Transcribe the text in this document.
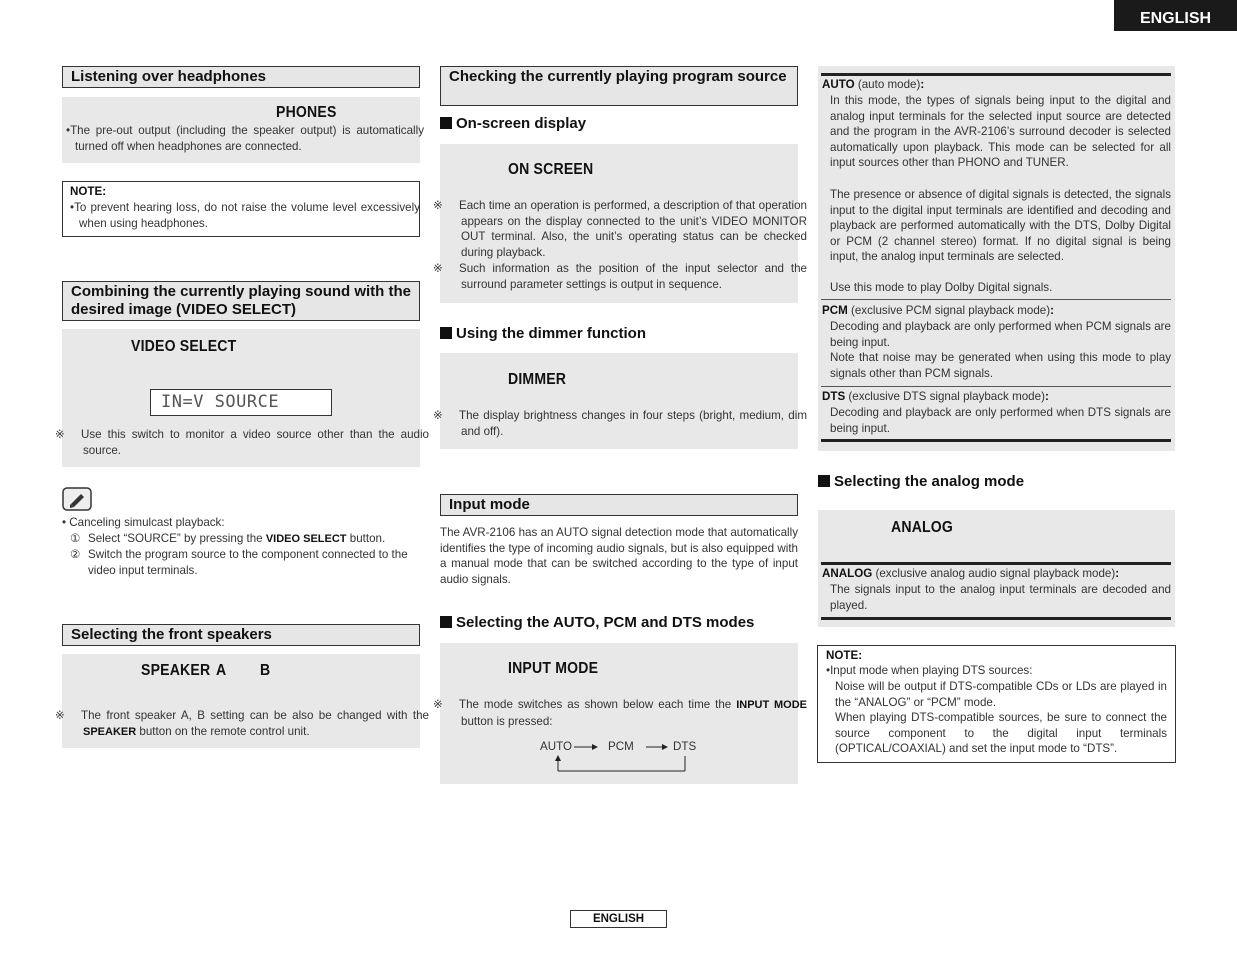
ENGLISH
Listening over headphones
PHONES
•The pre-out output (including the speaker output) is automatically turned off when headphones are connected.
NOTE:
•To prevent hearing loss, do not raise the volume level excessively when using headphones.
Combining the currently playing sound with the desired image (VIDEO SELECT)
VIDEO SELECT
IN=V SOURCE
※ Use this switch to monitor a video source other than the audio source.
• Canceling simulcast playback:
① Select “SOURCE” by pressing the VIDEO SELECT button.
② Switch the program source to the component connected to the video input terminals.
Selecting the front speakers
SPEAKER A B
※ The front speaker A, B setting can be also be changed with the SPEAKER button on the remote control unit.
Checking the currently playing program source
On-screen display
ON SCREEN
※ Each time an operation is performed, a description of that operation appears on the display connected to the unit’s VIDEO MONITOR OUT terminal. Also, the unit’s operating status can be checked during playback.
※ Such information as the position of the input selector and the surround parameter settings is output in sequence.
Using the dimmer function
DIMMER
※ The display brightness changes in four steps (bright, medium, dim and off).
Input mode
The AVR-2106 has an AUTO signal detection mode that automatically identifies the type of incoming audio signals, but is also equipped with a manual mode that can be switched according to the type of input audio signals.
Selecting the AUTO, PCM and DTS modes
INPUT MODE
※ The mode switches as shown below each time the INPUT MODE button is pressed:
AUTO	PCM	DTS
AUTO (auto mode):
In this mode, the types of signals being input to the digital and analog input terminals for the selected input source are detected and the program in the AVR-2106’s surround decoder is selected automatically upon playback. This mode can be selected for all input sources other than PHONO and TUNER.
The presence or absence of digital signals is detected, the signals input to the digital input terminals are identified and decoding and playback are performed automatically with the DTS, Dolby Digital or PCM (2 channel stereo) format. If no digital signal is being input, the analog input terminals are selected.
Use this mode to play Dolby Digital signals.
PCM (exclusive PCM signal playback mode):
Decoding and playback are only performed when PCM signals are being input.
Note that noise may be generated when using this mode to play signals other than PCM signals.
DTS (exclusive DTS signal playback mode):
Decoding and playback are only performed when DTS signals are being input.
Selecting the analog mode
ANALOG
ANALOG (exclusive analog audio signal playback mode):
The signals input to the analog input terminals are decoded and played.
NOTE:
•Input mode when playing DTS sources:
Noise will be output if DTS-compatible CDs or LDs are played in the “ANALOG” or “PCM” mode.
When playing DTS-compatible sources, be sure to connect the source component to the digital input terminals (OPTICAL/COAXIAL) and set the input mode to “DTS”.
ENGLISH
